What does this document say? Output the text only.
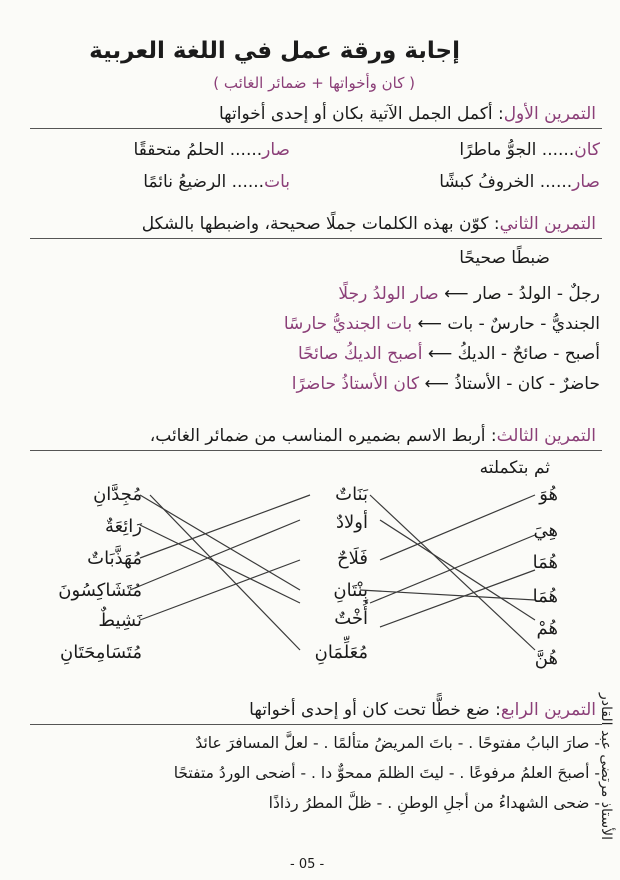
إجابة ورقة عمل في اللغة العربية
( كان وأخواتها + ضمائر الغائب )
التمرين الأول: أكمل الجمل الآتية بكان أو إحدى أخواتها
كان...... الجوُّ ماطرًا
صار...... الحلمُ متحققًا
صار...... الخروفُ كبشًا
بات...... الرضيعُ نائمًا
التمرين الثاني: كوّن بهذه الكلمات جملًا صحيحة، واضبطها بالشكل
ضبطًا صحيحًا
رجلٌ - الولدُ - صار ⟵ صار الولدُ رجلًا
الجنديُّ - حارسٌ - بات ⟵ بات الجنديُّ حارسًا
أصبح - صائحٌ - الديكُ ⟵ أصبح الديكُ صائحًا
حاضرٌ - كان - الأستاذُ ⟵ كان الأستاذُ حاضرًا
التمرين الثالث: أربط الاسم بضميره المناسب من ضمائر الغائب،
ثم بتكملته
هُوَ
هِيَ
هُمَا
هُمَا
هُمْ
هُنَّ
بَنَاتٌ
أولادٌ
فَلَاحٌ
بِنْتَانِ
أُخْتٌ
مُعَلِّمَانِ
مُجِدَّانِ
رَائِعَةٌ
مُهَذَّبَاتٌ
مُتَشَاكِسُونَ
نَشِيطٌ
مُتَسَامِحَتَانِ
التمرين الرابع: ضع خطًّا تحت كان أو إحدى أخواتها
- صارَ البابُ مفتوحًا . - باتَ المريضُ متألمًا . - لعلَّ المسافرَ عائدٌ
- أصبحَ العلمُ مرفوعًا . - ليتَ الظلمَ ممحوٌّ دا . - أضحى الوردُ متفتحًا
- ضحى الشهداءُ من أجلِ الوطنِ . - ظلَّ المطرُ رذاذًا
الأستاذ مرتضى عبد القادر
- 05 -
